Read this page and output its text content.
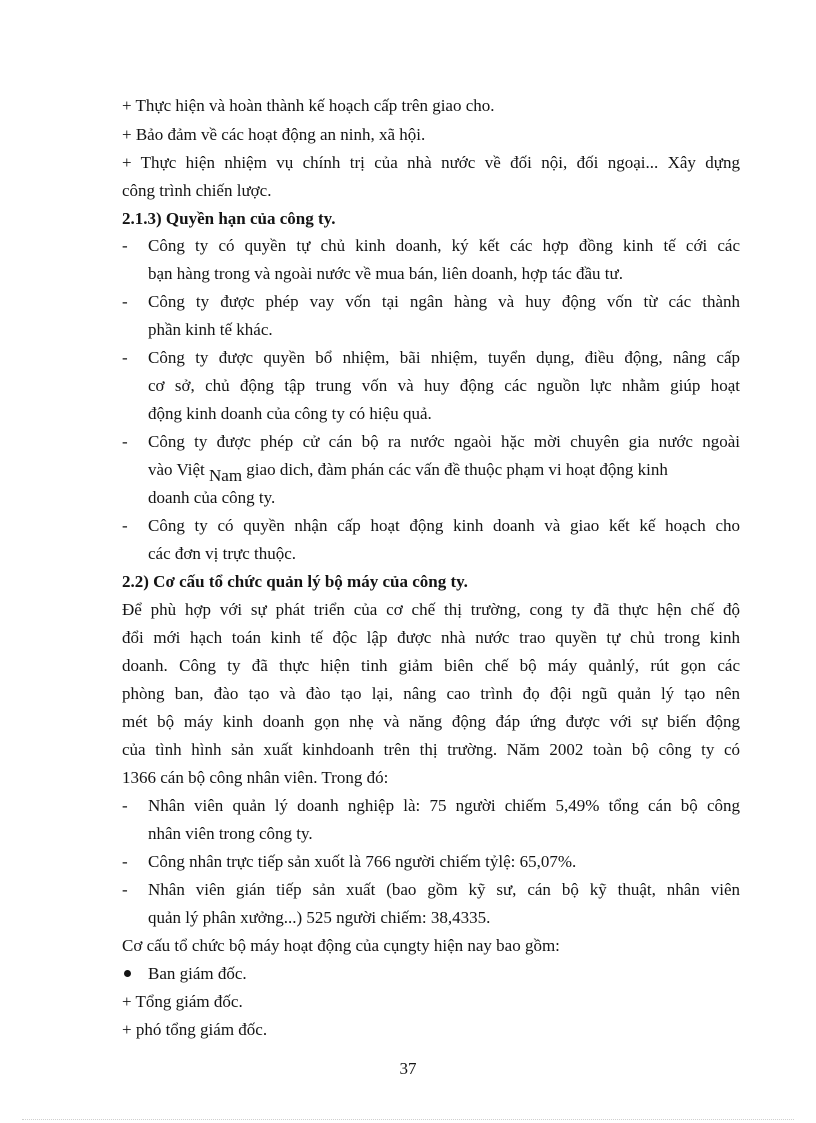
+ Thực hiện và hoàn thành kế hoạch cấp trên giao cho.
+ Bảo đảm về các hoạt động an ninh, xã hội.
+ Thực hiện nhiệm vụ chính trị của nhà nước về đối nội, đối ngoại... Xây dựng
công trình chiến lược.
2.1.3) Quyền hạn của công ty.
-	Công ty có quyền tự chủ kinh doanh, ký kết các hợp đồng kinh tế cới các
bạn hàng trong và ngoài nước về mua bán, liên doanh, hợp tác đầu tư.
-	Công ty được phép vay vốn tại ngân hàng và huy động vốn từ các thành
phần kinh tế khác.
-	Công ty được quyền bổ nhiệm, bãi nhiệm, tuyển dụng, điều động, nâng cấp
cơ sở, chủ động tập trung vốn và huy động các nguồn lực nhằm giúp hoạt
động kinh doanh của công ty có hiệu quả.
-	Công ty được phép cử cán bộ ra nước ngaòi hặc mời chuyên gia nước ngoài
vào Việt Nam giao dich, đàm phán các vấn đề thuộc phạm vi hoạt động kinh
doanh của công ty.
-	Công ty có quyền nhận cấp hoạt động kinh doanh và giao kết kế hoạch cho
các đơn vị trực thuộc.
2.2) Cơ cấu tổ chức quản lý bộ máy của công ty.
Để phù hợp với sự phát triển của cơ chế thị trường, cong ty đã thực hện chế độ
đổi mới hạch toán kinh tế độc lập được nhà nước trao quyền tự chủ trong kinh
doanh. Công ty đã thực hiện tinh giảm biên chế bộ máy quảnlý, rút gọn các
phòng ban, đào tạo và đào tạo lại, nâng cao trình đọ đội ngũ quản lý tạo nên
mét bộ máy kinh doanh gọn nhẹ và năng động đáp ứng được với sự biến động
của tình hình sản xuất kinhdoanh trên thị trường. Năm 2002 toàn bộ công ty có
1366 cán bộ công nhân viên. Trong đó:
-	Nhân viên quản lý doanh nghiệp là: 75 người chiếm 5,49% tổng cán bộ công
nhân viên trong công ty.
-	Công nhân trực tiếp sản xuốt là 766 người chiếm tỷlệ: 65,07%.
-	Nhân viên gián tiếp sản xuất (bao gồm kỹ sư, cán bộ kỹ thuật, nhân viên
quản lý phân xưởng...) 525 người chiếm: 38,4335.
Cơ cấu tổ chức bộ máy hoạt động của cụngty hiện nay bao gồm:
Ban giám đốc.
+ Tổng giám đốc.
+ phó tổng giám đốc.
37
